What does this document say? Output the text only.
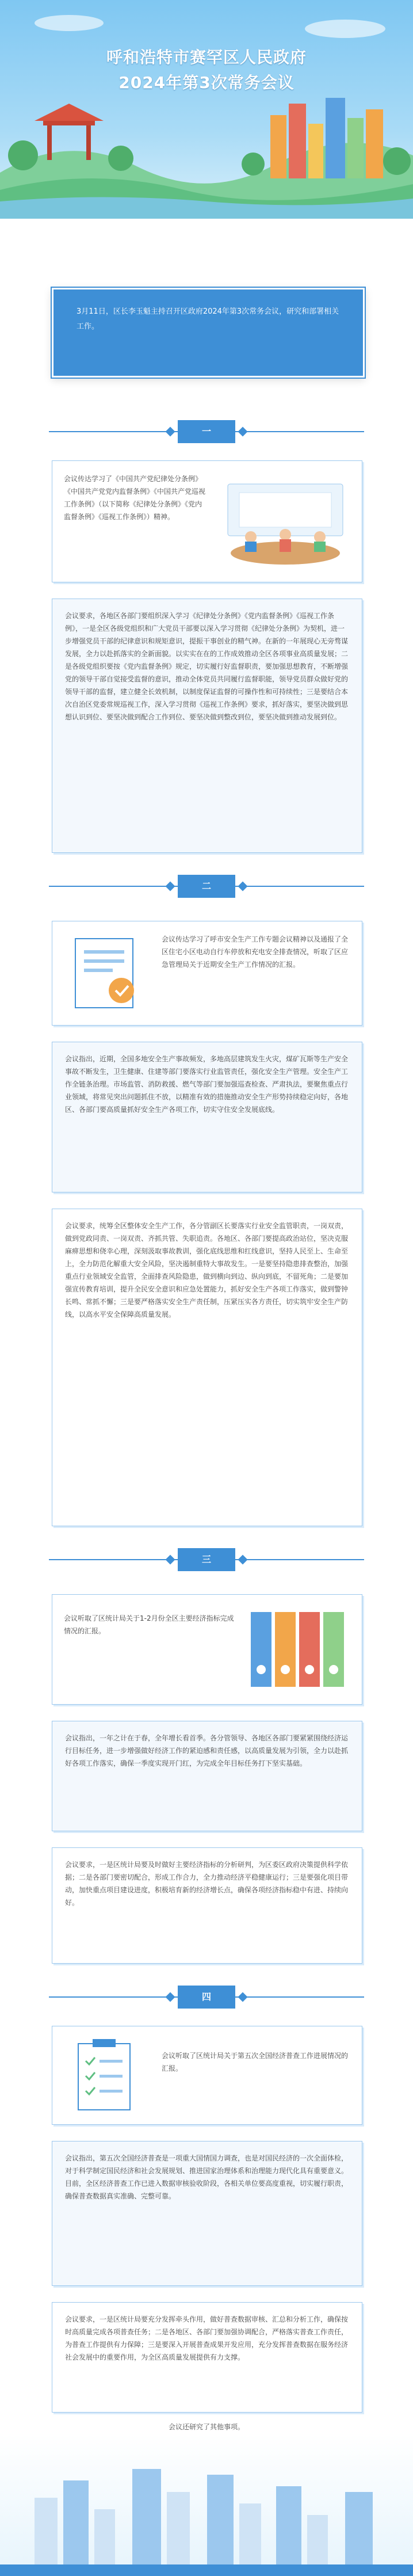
呼和浩特市赛罕区人民政府
2024年第3次常务会议

3月11日，区长李玉魁主持召开区政府2024年第3次常务会议，研究和部署相关工作。

一

会议传达学习了《中国共产党纪律处分条例》《中国共产党党内监督条例》《中国共产党巡视工作条例》（以下简称《纪律处分条例》《党内监督条例》《巡视工作条例》）精神。

会议要求，各地区各部门要组织深入学习《纪律处分条例》《党内监督条例》《巡视工作条例》，一是全区各级党组织和广大党员干部要以深入学习贯彻《纪律处分条例》为契机，进一步增强党员干部的纪律意识和规矩意识，提振干事创业的精气神。在新的一年展现心无旁骛谋发展，全力以赴抓落实的全新面貌。以实实在在的工作成效推动全区各项事业高质量发展；二是各级党组织要按《党内监督条例》规定，切实履行好监督职责，要加强思想教育，不断增强党的领导干部自觉接受监督的意识，推动全体党员共同履行监督职能，领导党员群众做好党的领导干部的监督，建立健全长效机制，以制度保证监督的可操作性和可持续性；三是要结合本次自治区党委常规巡视工作，深入学习贯彻《巡视工作条例》要求，抓好落实，要坚决做到思想认识到位、要坚决做到配合工作到位、要坚决做到整改到位，要坚决做到推动发展到位。

二

会议传达学习了呼市安全生产工作专题会议精神以及通报了全区住宅小区电动自行车停放和充电安全排查情况，听取了区应急管理局关于近期安全生产工作情况的汇报。

会议指出，近期，全国多地安全生产事故频发，多地高层建筑发生火灾，煤矿瓦斯等生产安全事故不断发生，卫生健康、住建等部门要落实行业监管责任，强化安全生产管理。安全生产工作全链条治理。市场监管、消防救援、燃气等部门要加强巡查检查、严肃执法，要聚焦重点行业领域，将常见突出问题抓住不放，以精准有效的措施推动安全生产形势持续稳定向好，各地区、各部门要高质量抓好安全生产各项工作，切实守住安全发展底线。

会议要求，统筹全区整体安全生产工作，各分管副区长要落实行业安全监管职责，一岗双责，做到党政同责、一岗双责、齐抓共管、失职追责。各地区、各部门要提高政治站位，坚决克服麻痹思想和侥幸心理，深刻汲取事故教训，强化底线思维和红线意识，坚持人民至上、生命至上，全力防范化解重大安全风险，坚决遏制重特大事故发生。一是要坚持隐患排查整治，加强重点行业领域安全监管，全面排查风险隐患，做到横向到边、纵向到底，不留死角；二是要加强宣传教育培训，提升全民安全意识和应急处置能力，抓好安全生产各项工作落实，做到警钟长鸣、常抓不懈；三是要严格落实安全生产责任制，压紧压实各方责任，切实筑牢安全生产防线，以高水平安全保障高质量发展。

三

会议听取了区统计局关于1-2月份全区主要经济指标完成情况的汇报。

会议指出，一年之计在于春，全年增长看首季。各分管领导、各地区各部门要紧紧围绕经济运行目标任务，进一步增强做好经济工作的紧迫感和责任感，以高质量发展为引领，全力以赴抓好各项工作落实，确保一季度实现开门红，为完成全年目标任务打下坚实基础。

会议要求，一是区统计局要及时做好主要经济指标的分析研判，为区委区政府决策提供科学依据；二是各部门要密切配合，形成工作合力，全力推动经济平稳健康运行；三是要强化项目带动，加快重点项目建设进度，积极培育新的经济增长点，确保各项经济指标稳中有进、持续向好。

四

会议听取了区统计局关于第五次全国经济普查工作进展情况的汇报。

会议指出，第五次全国经济普查是一项重大国情国力调查，也是对国民经济的一次全面体检，对于科学制定国民经济和社会发展规划、推进国家治理体系和治理能力现代化具有重要意义。目前，全区经济普查工作已进入数据审核验收阶段，各相关单位要高度重视，切实履行职责，确保普查数据真实准确、完整可靠。

会议要求，一是区统计局要充分发挥牵头作用，做好普查数据审核、汇总和分析工作，确保按时高质量完成各项普查任务；二是各地区、各部门要加强协调配合，严格落实普查工作责任，为普查工作提供有力保障；三是要深入开展普查成果开发应用，充分发挥普查数据在服务经济社会发展中的重要作用，为全区高质量发展提供有力支撑。

会议还研究了其他事项。
